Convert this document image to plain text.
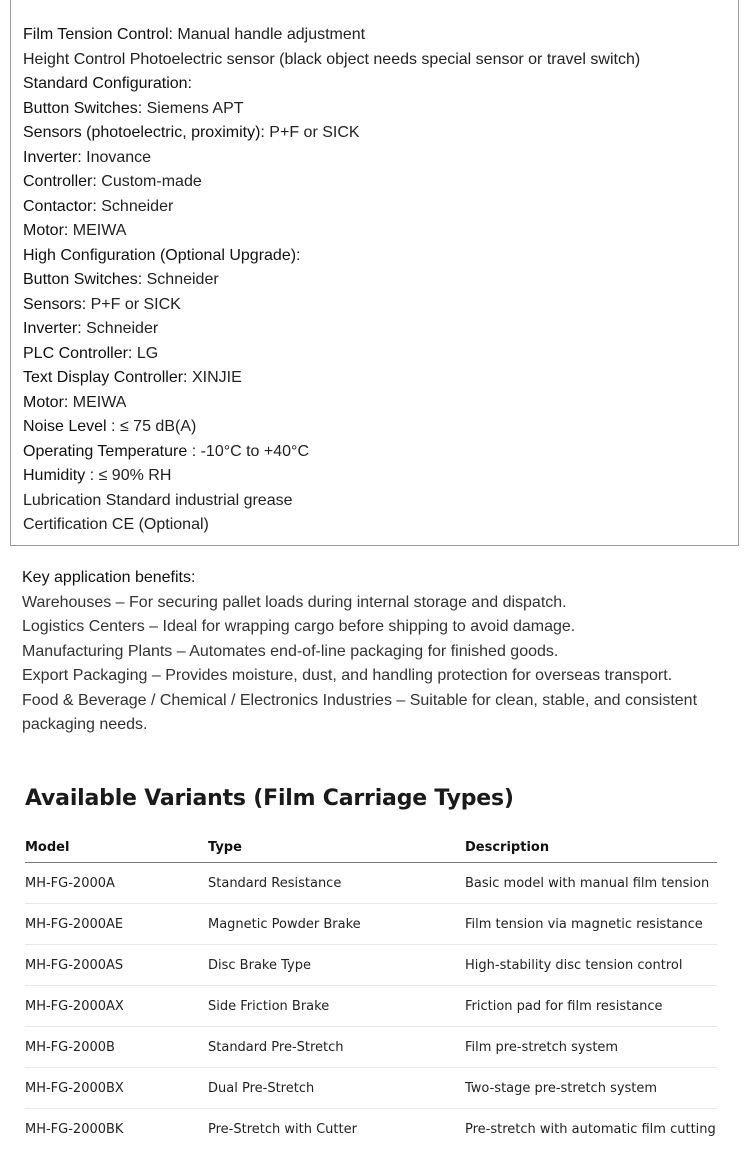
Film Tension Control: Manual handle adjustment
Height Control Photoelectric sensor (black object needs special sensor or travel switch)
Standard Configuration:
Button Switches: Siemens APT
Sensors (photoelectric, proximity): P+F or SICK
Inverter: Inovance
Controller: Custom-made
Contactor: Schneider
Motor: MEIWA
High Configuration (Optional Upgrade):
Button Switches: Schneider
Sensors: P+F or SICK
Inverter: Schneider
PLC Controller: LG
Text Display Controller: XINJIE
Motor: MEIWA
Noise Level : ≤ 75 dB(A)
Operating Temperature : -10°C to +40°C
Humidity : ≤ 90% RH
Lubrication Standard industrial grease
Certification CE (Optional)

Key application benefits:

Warehouses – For securing pallet loads during internal storage and dispatch.

Logistics Centers – Ideal for wrapping cargo before shipping to avoid damage.

Manufacturing Plants – Automates end-of-line packaging for finished goods.

Export Packaging – Provides moisture, dust, and handling protection for overseas transport.

Food & Beverage / Chemical / Electronics Industries – Suitable for clean, stable, and consistent packaging needs.

Available Variants (Film Carriage Types)
Model	Type	Description
MH-FG-2000A	Standard Resistance	Basic model with manual film tension
MH-FG-2000AE	Magnetic Powder Brake	Film tension via magnetic resistance
MH-FG-2000AS	Disc Brake Type	High-stability disc tension control
MH-FG-2000AX	Side Friction Brake	Friction pad for film resistance
MH-FG-2000B	Standard Pre-Stretch	Film pre-stretch system
MH-FG-2000BX	Dual Pre-Stretch	Two-stage pre-stretch system
MH-FG-2000BK	Pre-Stretch with Cutter	Pre-stretch with automatic film cutting
